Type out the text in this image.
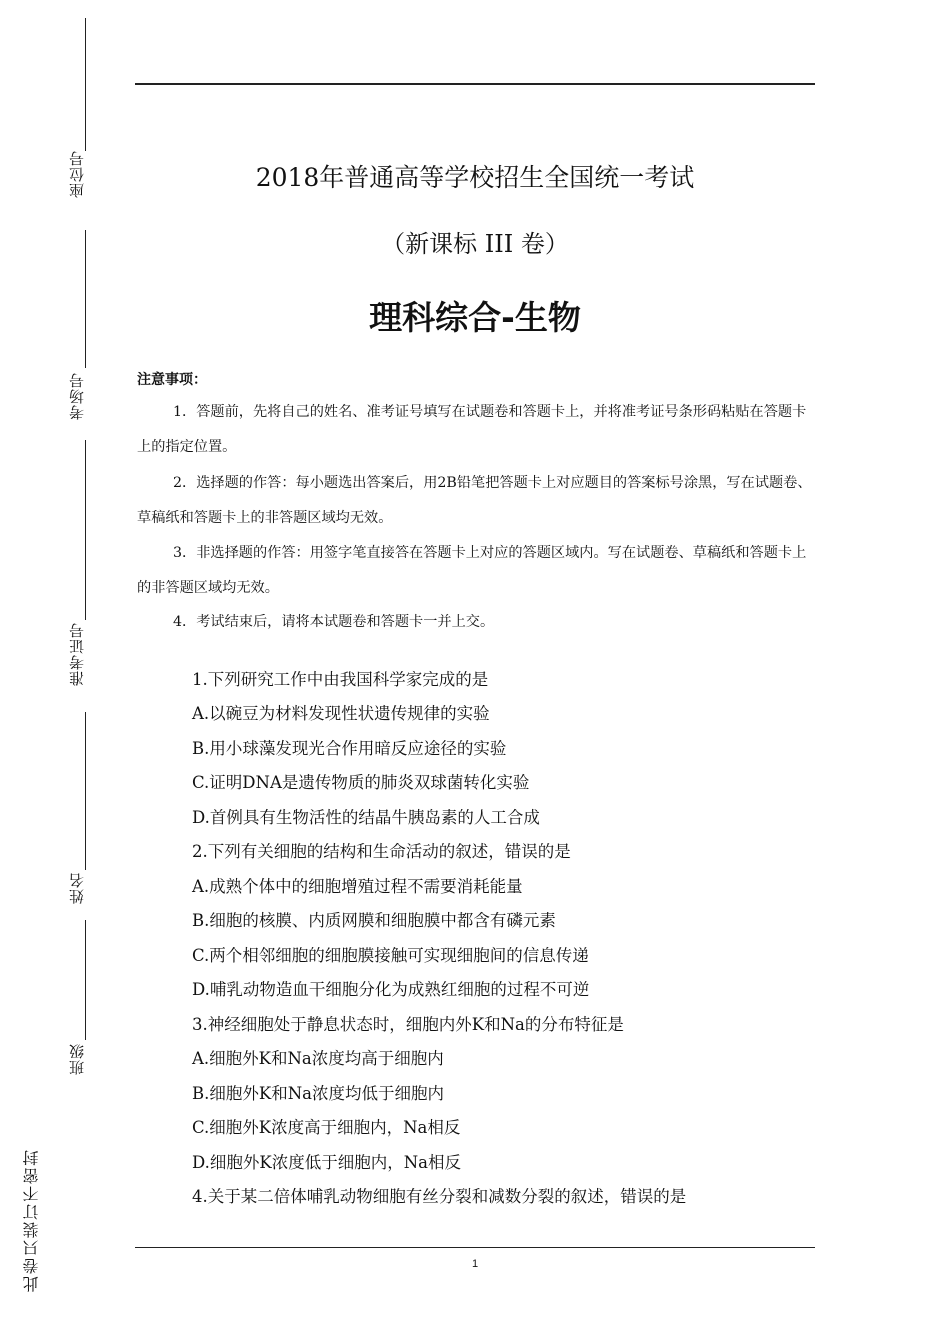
座位号
考场号
准考证号
姓名
班级
此卷只装订不密封
2018年普通高等学校招生全国统一考试
（新课标 III 卷）
理科综合-生物
注意事项：
1．答题前，先将自己的姓名、准考证号填写在试题卷和答题卡上，并将准考证号条形码粘贴在答题卡上的指定位置。
2．选择题的作答：每小题选出答案后，用2B铅笔把答题卡上对应题目的答案标号涂黑，写在试题卷、草稿纸和答题卡上的非答题区域均无效。
3．非选择题的作答：用签字笔直接答在答题卡上对应的答题区域内。写在试题卷、草稿纸和答题卡上的非答题区域均无效。
4．考试结束后，请将本试题卷和答题卡一并上交。
1.下列研究工作中由我国科学家完成的是
A.以碗豆为材料发现性状遗传规律的实验
B.用小球藻发现光合作用暗反应途径的实验
C.证明DNA是遗传物质的肺炎双球菌转化实验
D.首例具有生物活性的结晶牛胰岛素的人工合成
2.下列有关细胞的结构和生命活动的叙述，错误的是
A.成熟个体中的细胞增殖过程不需要消耗能量
B.细胞的核膜、内质网膜和细胞膜中都含有磷元素
C.两个相邻细胞的细胞膜接触可实现细胞间的信息传递
D.哺乳动物造血干细胞分化为成熟红细胞的过程不可逆
3.神经细胞处于静息状态时，细胞内外K和Na的分布特征是
A.细胞外K和Na浓度均高于细胞内
B.细胞外K和Na浓度均低于细胞内
C.细胞外K浓度高于细胞内，Na相反
D.细胞外K浓度低于细胞内，Na相反
4.关于某二倍体哺乳动物细胞有丝分裂和减数分裂的叙述，错误的是
1
